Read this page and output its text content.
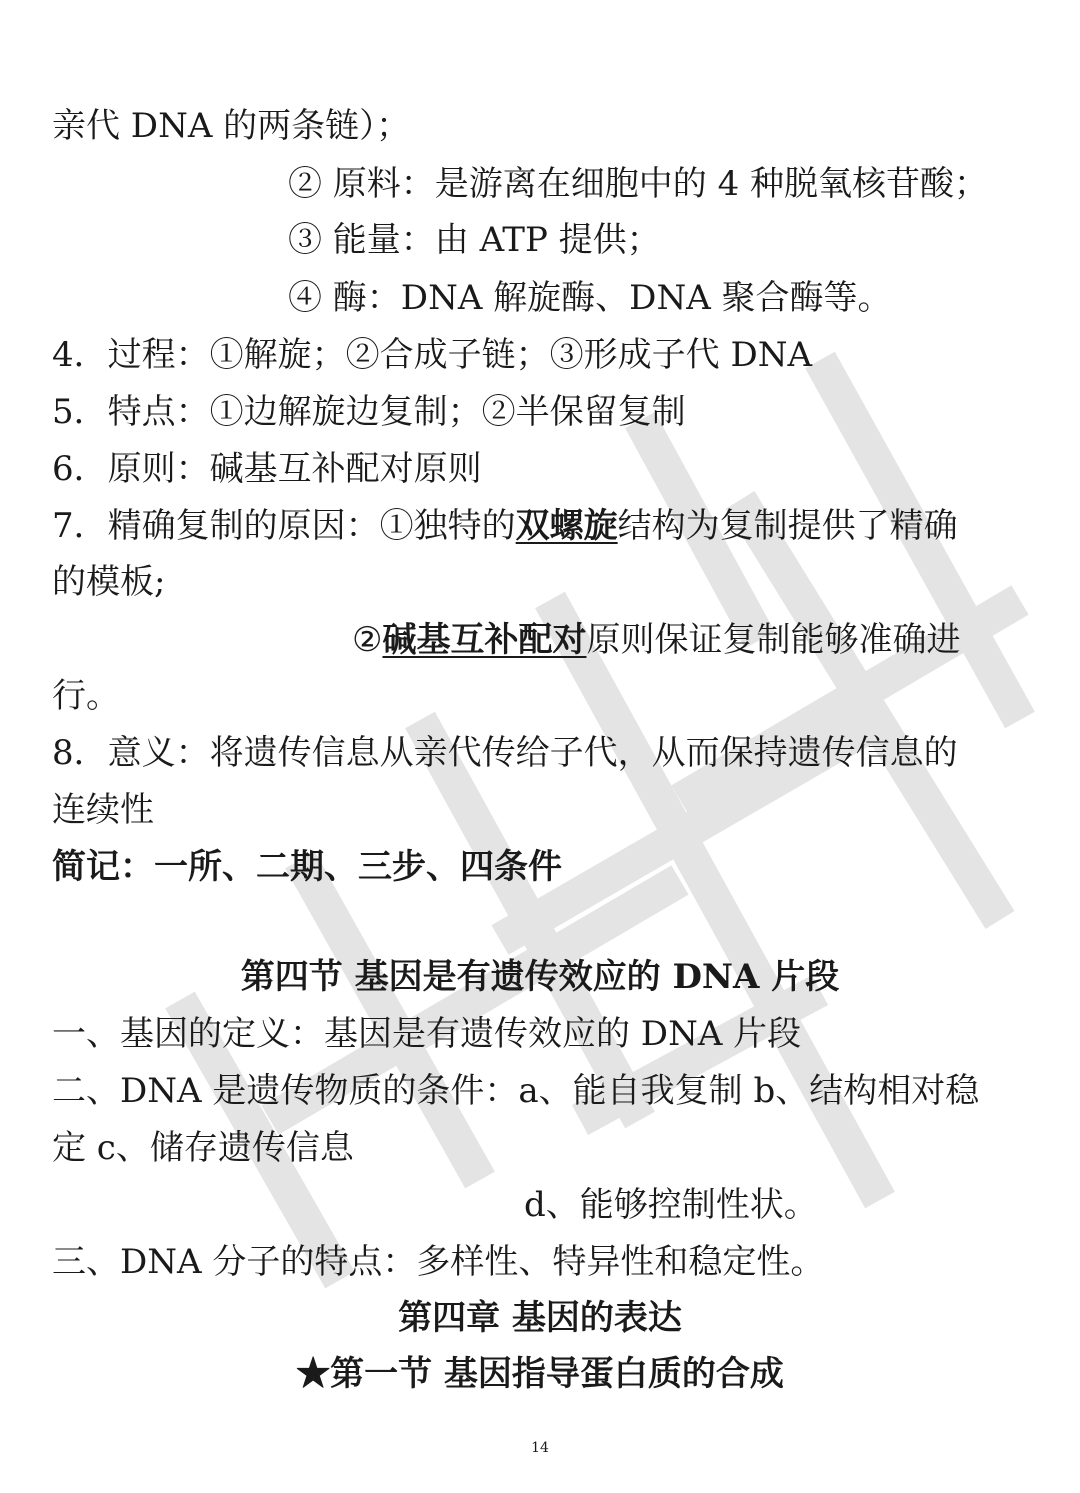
亲代 DNA 的两条链）；
② 原料：是游离在细胞中的 4 种脱氧核苷酸；
③ 能量：由 ATP 提供；
④ 酶：DNA 解旋酶、DNA 聚合酶等。
4．过程：①解旋；②合成子链；③形成子代 DNA
5．特点：①边解旋边复制；②半保留复制
6．原则：碱基互补配对原则
7．精确复制的原因：①独特的双螺旋结构为复制提供了精确
的模板;
②碱基互补配对原则保证复制能够准确进
行。
8．意义：将遗传信息从亲代传给子代，从而保持遗传信息的
连续性
简记：一所、二期、三步、四条件
第四节 基因是有遗传效应的 DNA 片段
一、基因的定义：基因是有遗传效应的 DNA 片段
二、DNA 是遗传物质的条件：a、能自我复制 b、结构相对稳
定 c、储存遗传信息
d、能够控制性状。
三、DNA 分子的特点：多样性、特异性和稳定性。
第四章 基因的表达
★第一节 基因指导蛋白质的合成
14
